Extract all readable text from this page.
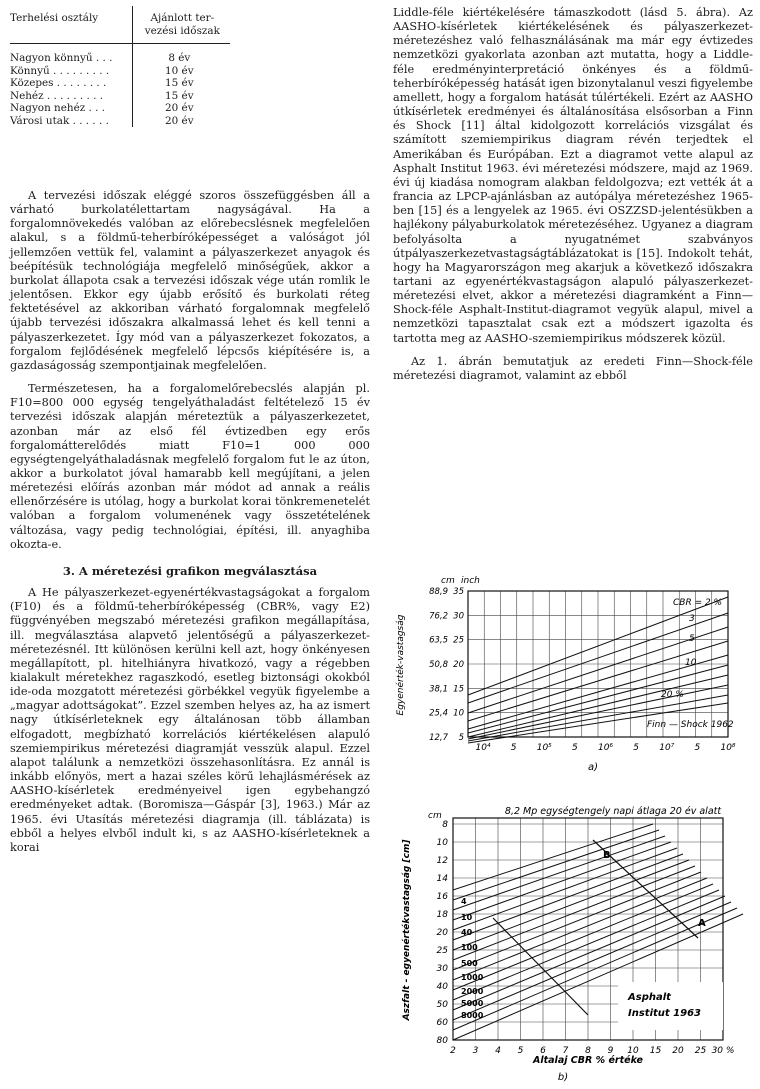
Terhelési osztály	Ajánlott ter-
vezési időszak

Nagyon könnyű . . .	8 év
Könnyű . . . . . . . . .	10 év
Közepes . . . . . . . .	15 év
Nehéz . . . . . . . . .	15 év
Nagyon nehéz . . .	20 év
Városi utak . . . . . .	20 év

A tervezési időszak eléggé szoros összefüggésben áll a várható burkolatélettartam nagyságával. Ha a forgalomnövekedés valóban az előrebecslésnek megfelelően alakul, s a földmű-teherbíróképességet a valóságot jól jellemzően vettük fel, valamint a pályaszerkezet anyagok és beépítésük technológiája megfelelő minőségűek, akkor a burkolat állapota csak a tervezési időszak vége után romlik le jelentősen. Ekkor egy újabb erősítő és burkolati réteg fektetésével az akkoriban várható forgalomnak megfelelő újabb tervezési időszakra alkalmassá lehet és kell tenni a pályaszerkezetet. Így mód van a pályaszerkezet fokozatos, a forgalom fejlődésének megfelelő lépcsős kiépítésére is, a gazdaságosság szempontjainak megfelelően.

Természetesen, ha a forgalomelőrebecslés alapján pl. F10=800 000 egység tengelyáthaladást feltételező 15 év tervezési időszak alapján méreteztük a pályaszerkezetet, azonban már az első fél évtizedben egy erős forgalomátterelődés miatt F10=1 000 000 egységtengelyáthaladásnak megfelelő forgalom fut le az úton, akkor a burkolatot jóval hamarabb kell megújítani, a jelen méretezési előírás azonban már módot ad annak a reális ellenőrzésére is utólag, hogy a burkolat korai tönkremenetelét valóban a forgalom volumenének vagy összetételének változása, vagy pedig technológiai, építési, ill. anyaghiba okozta-e.

3. A méretezési grafikon megválasztása

A He pályaszerkezet-egyenértékvastagságokat a forgalom (F10) és a földmű-teherbíróképesség (CBR%, vagy E2) függvényében megszabó méretezési grafikon megállapítása, ill. megválasztása alapvető jelentőségű a pályaszerkezet-méretezésnél. Itt különösen kerülni kell azt, hogy önkényesen megállapított, pl. hitelhiányra hivatkozó, vagy a régebben kialakult méretekhez ragaszkodó, esetleg biztonsági okokból ide-oda mozgatott méretezési görbékkel vegyük figyelembe a „magyar adottságokat”. Ezzel szemben helyes az, ha az ismert nagy útkísérleteknek egy általánosan több államban elfogadott, megbízható korrelációs kiértékelésen alapuló szemiempirikus méretezési diagramját vesszük alapul. Ezzel alapot találunk a nemzetközi összehasonlításra. Ez annál is inkább előnyös, mert a hazai széles körű lehajlásmérések az AASHO-kísérletek eredményeivel igen egybehangzó eredményeket adtak. (Boromisza—Gáspár [3], 1963.) Már az 1965. évi Utasítás méretezési diagramja (ill. táblázata) is ebből a helyes elvből indult ki, s az AASHO-kísérleteknek a korai

Liddle-féle kiértékelésére támaszkodott (lásd 5. ábra). Az AASHO-kísérletek kiértékelésének és pályaszerkezet-méretezéshez való felhasználásának ma már egy évtizedes nemzetközi gyakorlata azonban azt mutatta, hogy a Liddle-féle eredményinterpretáció önkényes és a földmű-teherbíróképesség hatását igen bizonytalanul veszi figyelembe amellett, hogy a forgalom hatását túlértékeli. Ezért az AASHO útkísérletek eredményei és általánosítása elsősorban a Finn és Shock [11] által kidolgozott korrelációs vizsgálat és számított szemiempirikus diagram révén terjedtek el Amerikában és Európában. Ezt a diagramot vette alapul az Asphalt Institut 1963. évi méretezési módszere, majd az 1969. évi új kiadása nomogram alakban feldolgozva; ezt vették át a francia az LPCP-ajánlásban az autópálya méretezéshez 1965-ben [15] és a lengyelek az 1965. évi OSZZSD-jelentésükben a hajlékony pályaburkolatok méretezéséhez. Ugyanez a diagram befolyásolta a nyugatnémet szabványos útpályaszerkezetvastagságtáblázatokat is [15]. Indokolt tehát, hogy ha Magyarországon meg akarjuk a következő időszakra tartani az egyenértékvastagságon alapuló pályaszerkezet-méretezési elvet, akkor a méretezési diagramként a Finn—Shock-féle Asphalt-Institut-diagramot vegyük alapul, mivel a nemzetközi tapasztalat csak ezt a módszert igazolta és tartotta meg az AASHO-szemiempirikus módszerek közül.

Az 1. ábrán bemutatjuk az eredeti Finn—Shock-féle méretezési diagramot, valamint az ebből

cm inch
Egyenérték-vastagság
35
88,9
30
76,2
25
63,5
20
50,8
15
38,1
10
25,4
5
12,7
10⁴ 5 10⁵ 5 10⁶ 5 10⁷ 5 10⁸
CBR = 2 %
3
5
10
20 %
Finn — Shock 1962
a)
cm	8,2 Mp egységtengely napi átlaga 20 év alatt
Aszfalt - egyenértékvastagság [cm]
8
10
12
14
16
18
20
25
30
40
50
60
80
2 3 4 5 6 7 8 9 10 15 20 25 30 %
4
10
40
100
500
1000
2000
5000
8000
A
B
Asphalt
Institut 1963
Altalaj CBR % értéke
b)
